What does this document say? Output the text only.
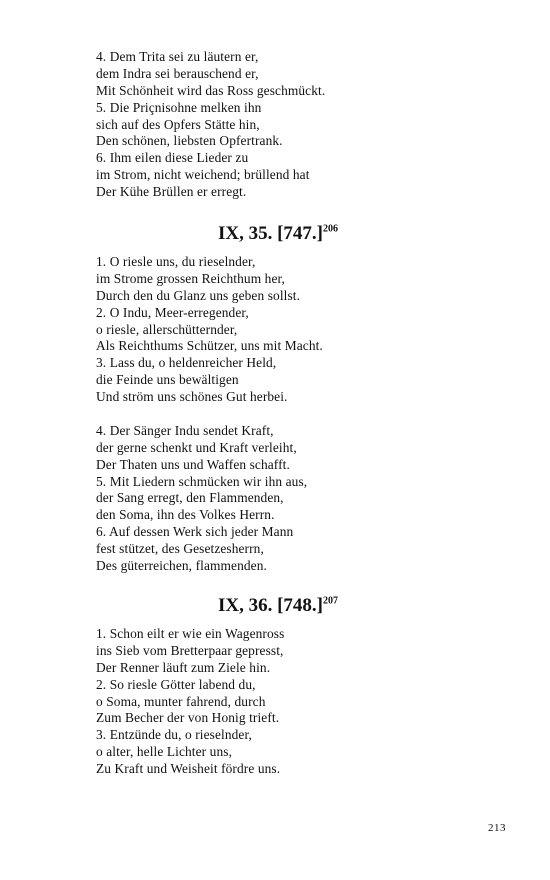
4. Dem Trita sei zu läutern er,
dem Indra sei berauschend er,
Mit Schönheit wird das Ross geschmückt.
5. Die Priçnisohne melken ihn
sich auf des Opfers Stätte hin,
Den schönen, liebsten Opfertrank.
6. Ihm eilen diese Lieder zu
im Strom, nicht weichend; brüllend hat
Der Kühe Brüllen er erregt.
IX, 35. $[747.]^{206}$
1. O riesle uns, du rieselnder,
im Strome grossen Reichthum her,
Durch den du Glanz uns geben sollst.
2. O Indu, Meer-erregender,
o riesle, allerschütternder,
Als Reichthums Schützer, uns mit Macht.
3. Lass du, o heldenreicher Held,
die Feinde uns bewältigen
Und ström uns schönes Gut herbei.
4. Der Sänger Indu sendet Kraft,
der gerne schenkt und Kraft verleiht,
Der Thaten uns und Waffen schafft.
5. Mit Liedern schmücken wir ihn aus,
der Sang erregt, den Flammenden,
den Soma, ihn des Volkes Herrn.
6. Auf dessen Werk sich jeder Mann
fest stützet, des Gesetzesherrn,
Des güterreichen, flammenden.
IX, 36. $[748.]^{207}$
1. Schon eilt er wie ein Wagenross
ins Sieb vom Bretterpaar gepresst,
Der Renner läuft zum Ziele hin.
2. So riesle Götter labend du,
o Soma, munter fahrend, durch
Zum Becher der von Honig trieft.
3. Entzünde du, o rieselnder,
o alter, helle Lichter uns,
Zu Kraft und Weisheit fördre uns.
213
